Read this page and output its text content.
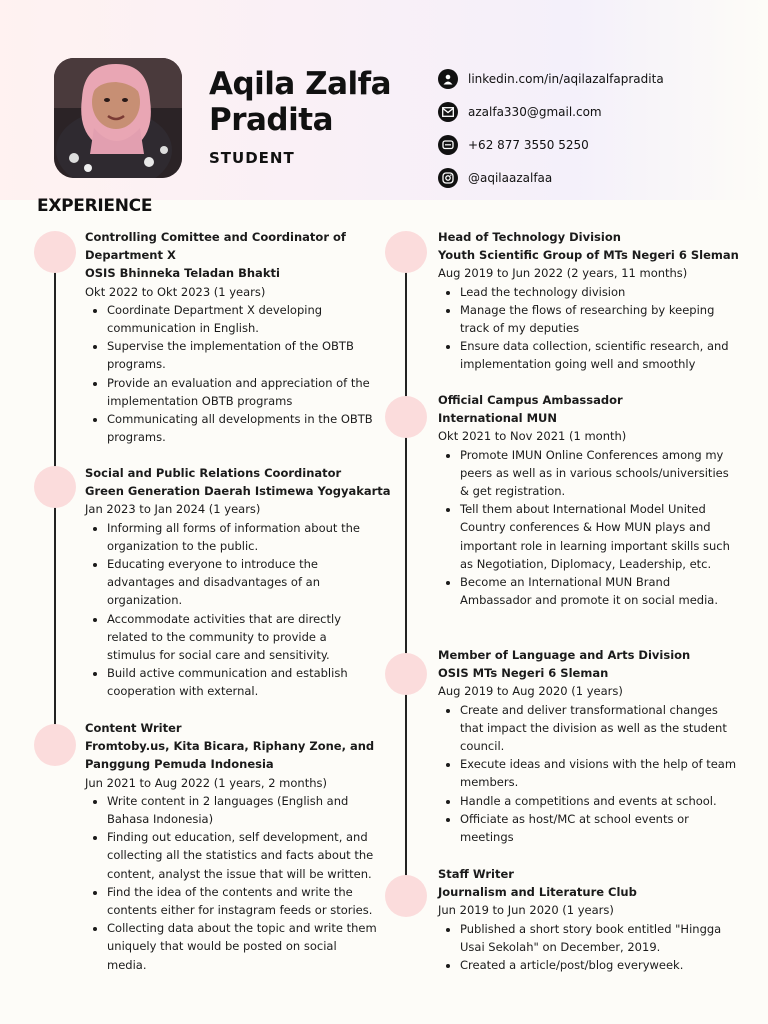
Aqila Zalfa Pradita
STUDENT
linkedin.com/in/aqilazalfapradita
azalfa330@gmail.com
+62 877 3550 5250
@aqilaazalfaa
EXPERIENCE
Controlling Comittee and Coordinator of Department X
OSIS Bhinneka Teladan Bhakti
Okt 2022 to Okt 2023 (1 years)
• Coordinate Department X developing communication in English.
• Supervise the implementation of the OBTB programs.
• Provide an evaluation and appreciation of the implementation OBTB programs
• Communicating all developments in the OBTB programs.
Social and Public Relations Coordinator
Green Generation Daerah Istimewa Yogyakarta
Jan 2023 to Jan 2024 (1 years)
• Informing all forms of information about the organization to the public.
• Educating everyone to introduce the advantages and disadvantages of an organization.
• Accommodate activities that are directly related to the community to provide a stimulus for social care and sensitivity.
• Build active communication and establish cooperation with external.
Content Writer
Fromtoby.us, Kita Bicara, Riphany Zone, and Panggung Pemuda Indonesia
Jun 2021 to Aug 2022 (1 years, 2 months)
• Write content in 2 languages (English and Bahasa Indonesia)
• Finding out education, self development, and collecting all the statistics and facts about the content, analyst the issue that will be written.
• Find the idea of the contents and write the contents either for instagram feeds or stories.
• Collecting data about the topic and write them uniquely that would be posted on social media.
Head of Technology Division
Youth Scientific Group of MTs Negeri 6 Sleman
Aug 2019 to Jun 2022 (2 years, 11 months)
• Lead the technology division
• Manage the flows of researching by keeping track of my deputies
• Ensure data collection, scientific research, and implementation going well and smoothly
Official Campus Ambassador
International MUN
Okt 2021 to Nov 2021 (1 month)
• Promote IMUN Online Conferences among my peers as well as in various schools/universities & get registration.
• Tell them about International Model United Country conferences & How MUN plays and important role in learning important skills such as Negotiation, Diplomacy, Leadership, etc.
• Become an International MUN Brand Ambassador and promote it on social media.
Member of Language and Arts Division
OSIS MTs Negeri 6 Sleman
Aug 2019 to Aug 2020 (1 years)
• Create and deliver transformational changes that impact the division as well as the student council.
• Execute ideas and visions with the help of team members.
• Handle a competitions and events at school.
• Officiate as host/MC at school events or meetings
Staff Writer
Journalism and Literature Club
Jun 2019 to Jun 2020 (1 years)
• Published a short story book entitled "Hingga Usai Sekolah" on December, 2019.
• Created a article/post/blog everyweek.
